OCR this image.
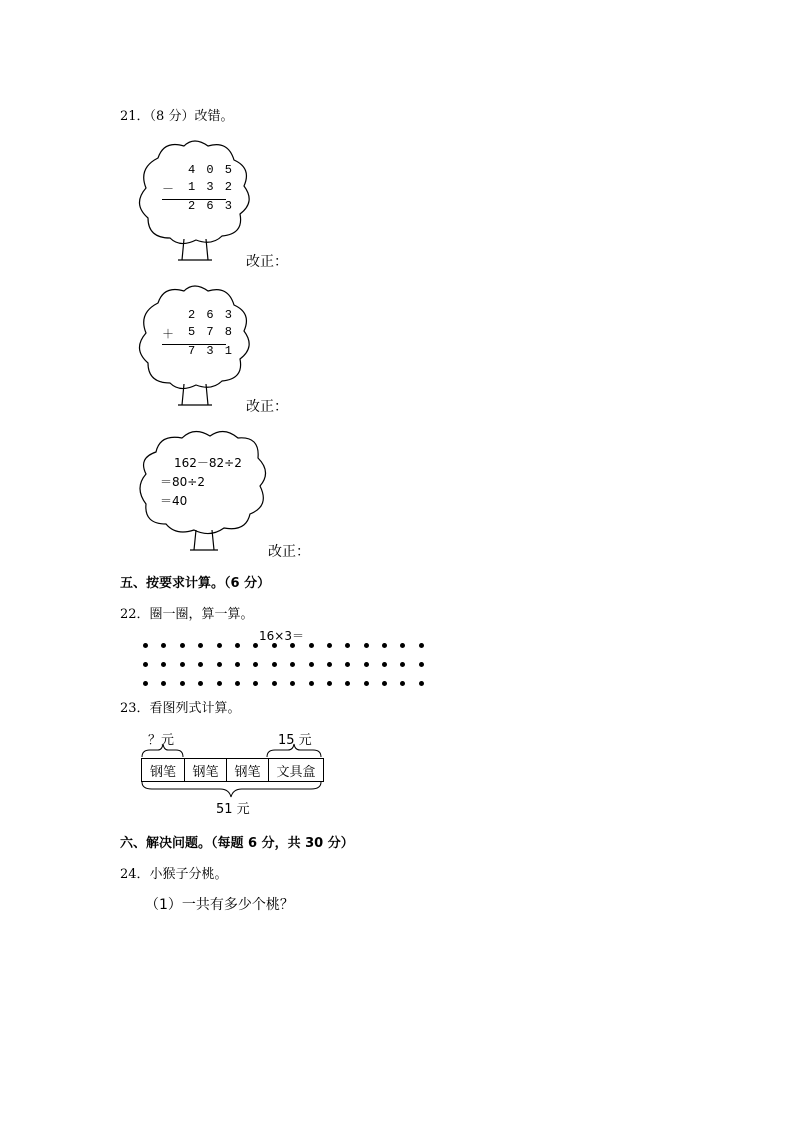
21．（8 分）改错。
4 0 5
－ 1 3 2
2 6 3
改正：
2 6 3
＋ 5 7 8
7 3 1
改正：
162－82÷2
＝80÷2
＝40
改正：
五、按要求计算。（6 分）
22．圈一圈，算一算。
16×3＝
23．看图列式计算。
？元	15 元
钢笔	钢笔	钢笔	文具盒
51 元
六、解决问题。（每题 6 分，共 30 分）
24．小猴子分桃。
（1）一共有多少个桃？
